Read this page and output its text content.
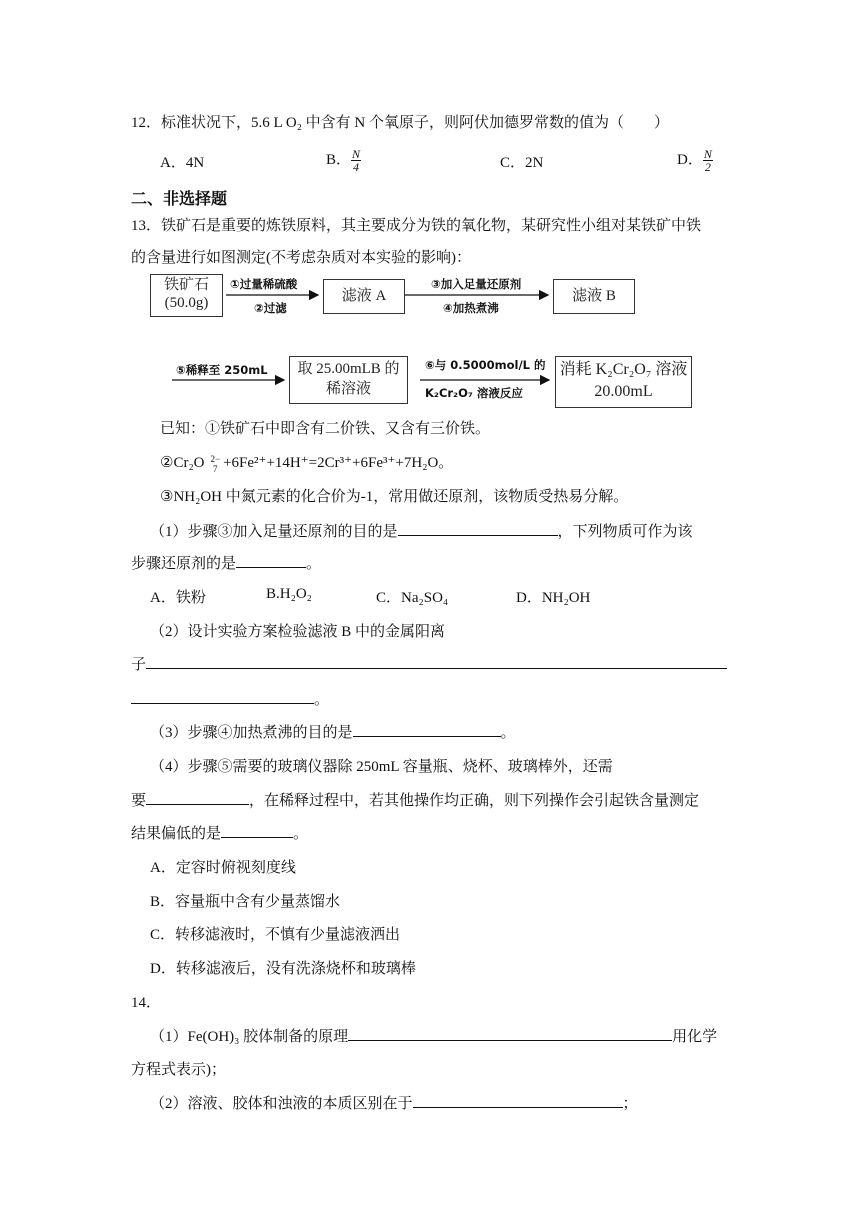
12．标准状况下，5.6 L O₂ 中含有 N 个氧原子，则阿伏加德罗常数的值为（　　）
A．4N	B． $\frac{N}{4}$	C．2N	D． $\frac{N}{2}$
二、非选择题
13．铁矿石是重要的炼铁原料，其主要成分为铁的氧化物，某研究性小组对某铁矿中铁
的含量进行如图测定(不考虑杂质对本实验的影响)：
铁矿石
(50.0g)
①过量稀硫酸
②过滤
滤液 A
③加入足量还原剂
④加热煮沸
滤液 B
⑤稀释至 250mL	取 25.00mLB 的
稀溶液
⑥与 0.5000mol/L 的
K₂Cr₂O₇ 溶液反应
消耗 K₂Cr₂O₇ 溶液
20.00mL
已知：①铁矿石中即含有二价铁、又含有三价铁。
②Cr₂O 2−
7 +6Fe²⁺+14H⁺=2Cr³⁺+6Fe³⁺+7H₂O。
③NH₂OH 中氮元素的化合价为-1，常用做还原剂，该物质受热易分解。
（1）步骤③加入足量还原剂的目的是	，下列物质可作为该
步骤还原剂的是	。
A．铁粉	B.H₂O₂	C．Na₂SO₄	D．NH₂OH
（2）设计实验方案检验滤液 B 中的金属阳离
子
。
（3）步骤④加热煮沸的目的是	。
（4）步骤⑤需要的玻璃仪器除 250mL 容量瓶、烧杯、玻璃棒外，还需
要	，在稀释过程中，若其他操作均正确，则下列操作会引起铁含量测定
结果偏低的是	。
A．定容时俯视刻度线
B．容量瓶中含有少量蒸馏水
C．转移滤液时，不慎有少量滤液洒出
D．转移滤液后，没有洗涤烧杯和玻璃棒
14．
（1）Fe(OH)₃ 胶体制备的原理	用化学
方程式表示)；
（2）溶液、胶体和浊液的本质区别在于	；
